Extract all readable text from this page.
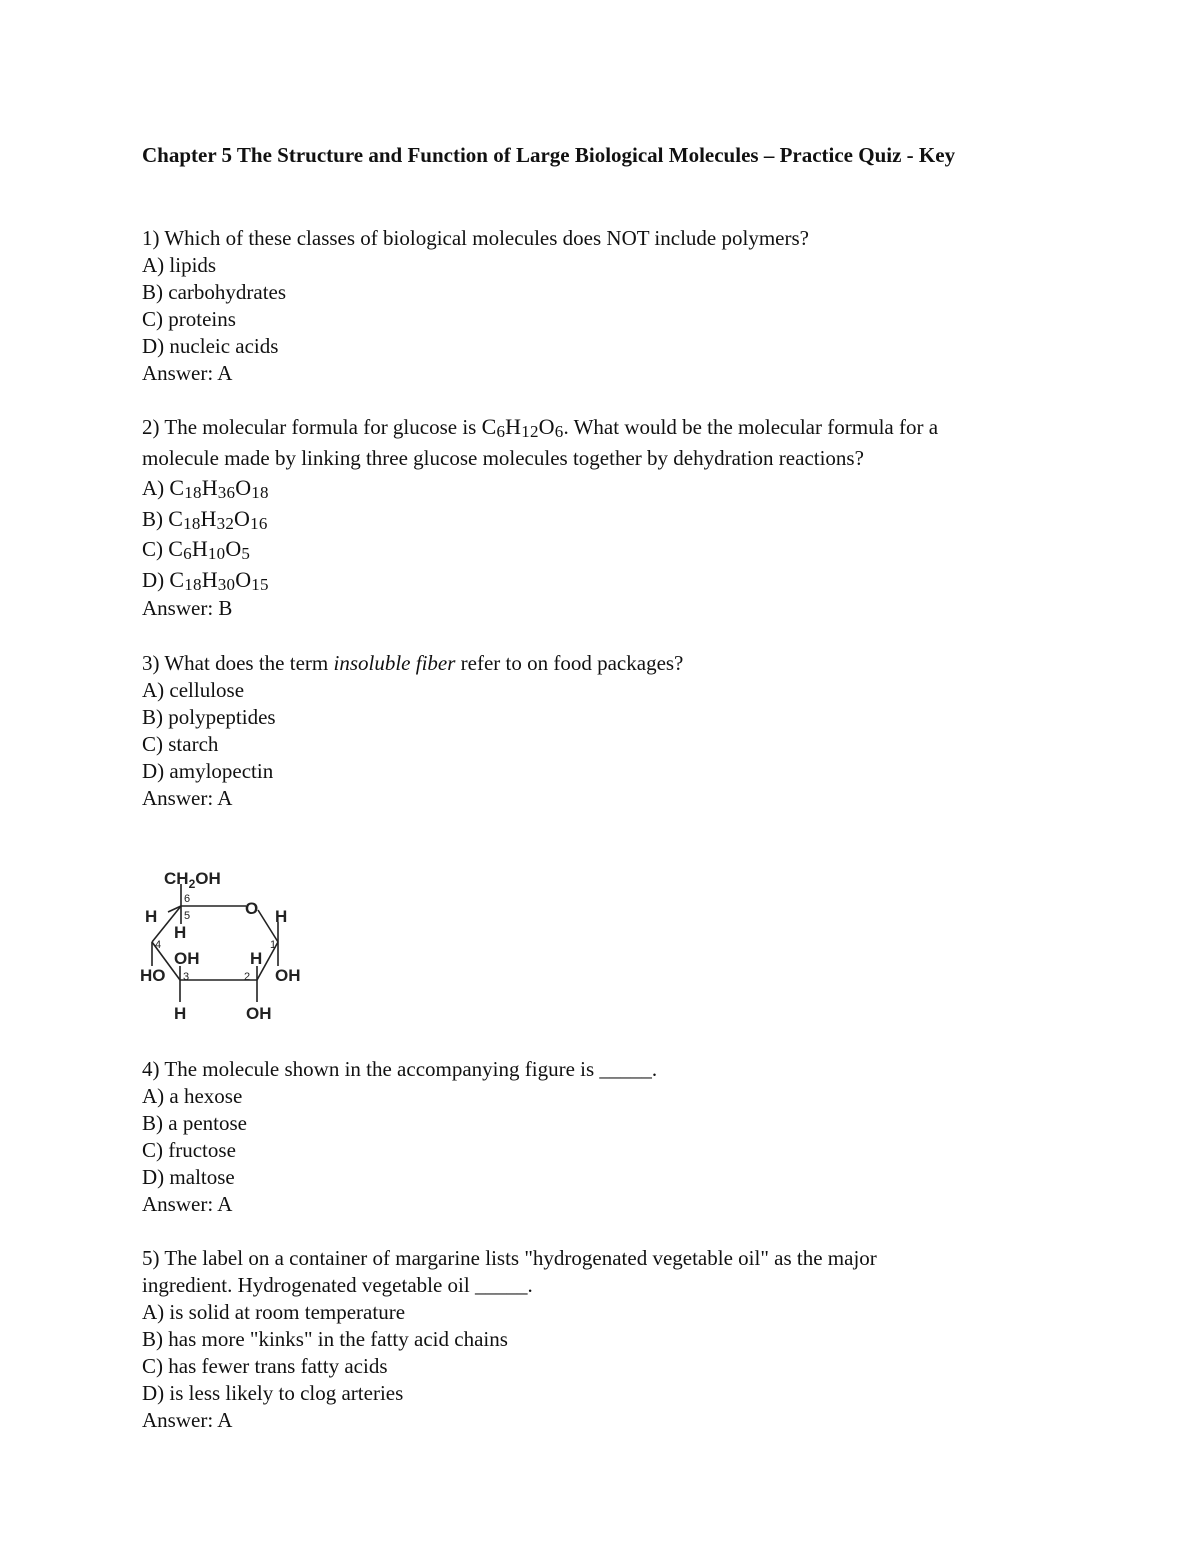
Chapter 5 The Structure and Function of Large Biological Molecules – Practice Quiz - Key
1) Which of these classes of biological molecules does NOT include polymers?
A) lipids
B) carbohydrates
C) proteins
D) nucleic acids
Answer: A
2) The molecular formula for glucose is $C_6H_{12}O_6$. What would be the molecular formula for a
molecule made by linking three glucose molecules together by dehydration reactions?
A) $C_{18}H_{36}O_{18}$
B) $C_{18}H_{32}O_{16}$
C) $C_6H_{10}O_5$
D) $C_{18}H_{30}O_{15}$
Answer: B
3) What does the term insoluble fiber refer to on food packages?
A) cellulose
B) polypeptides
C) starch
D) amylopectin
Answer: A
$CH_2OH$
O
H
H
H
OH
HO
H
OH
H	OH
6
5
4
3	2
1
4) The molecule shown in the accompanying figure is _____.
A) a hexose
B) a pentose
C) fructose
D) maltose
Answer: A
5) The label on a container of margarine lists "hydrogenated vegetable oil" as the major
ingredient. Hydrogenated vegetable oil _____.
A) is solid at room temperature
B) has more "kinks" in the fatty acid chains
C) has fewer trans fatty acids
D) is less likely to clog arteries
Answer: A
